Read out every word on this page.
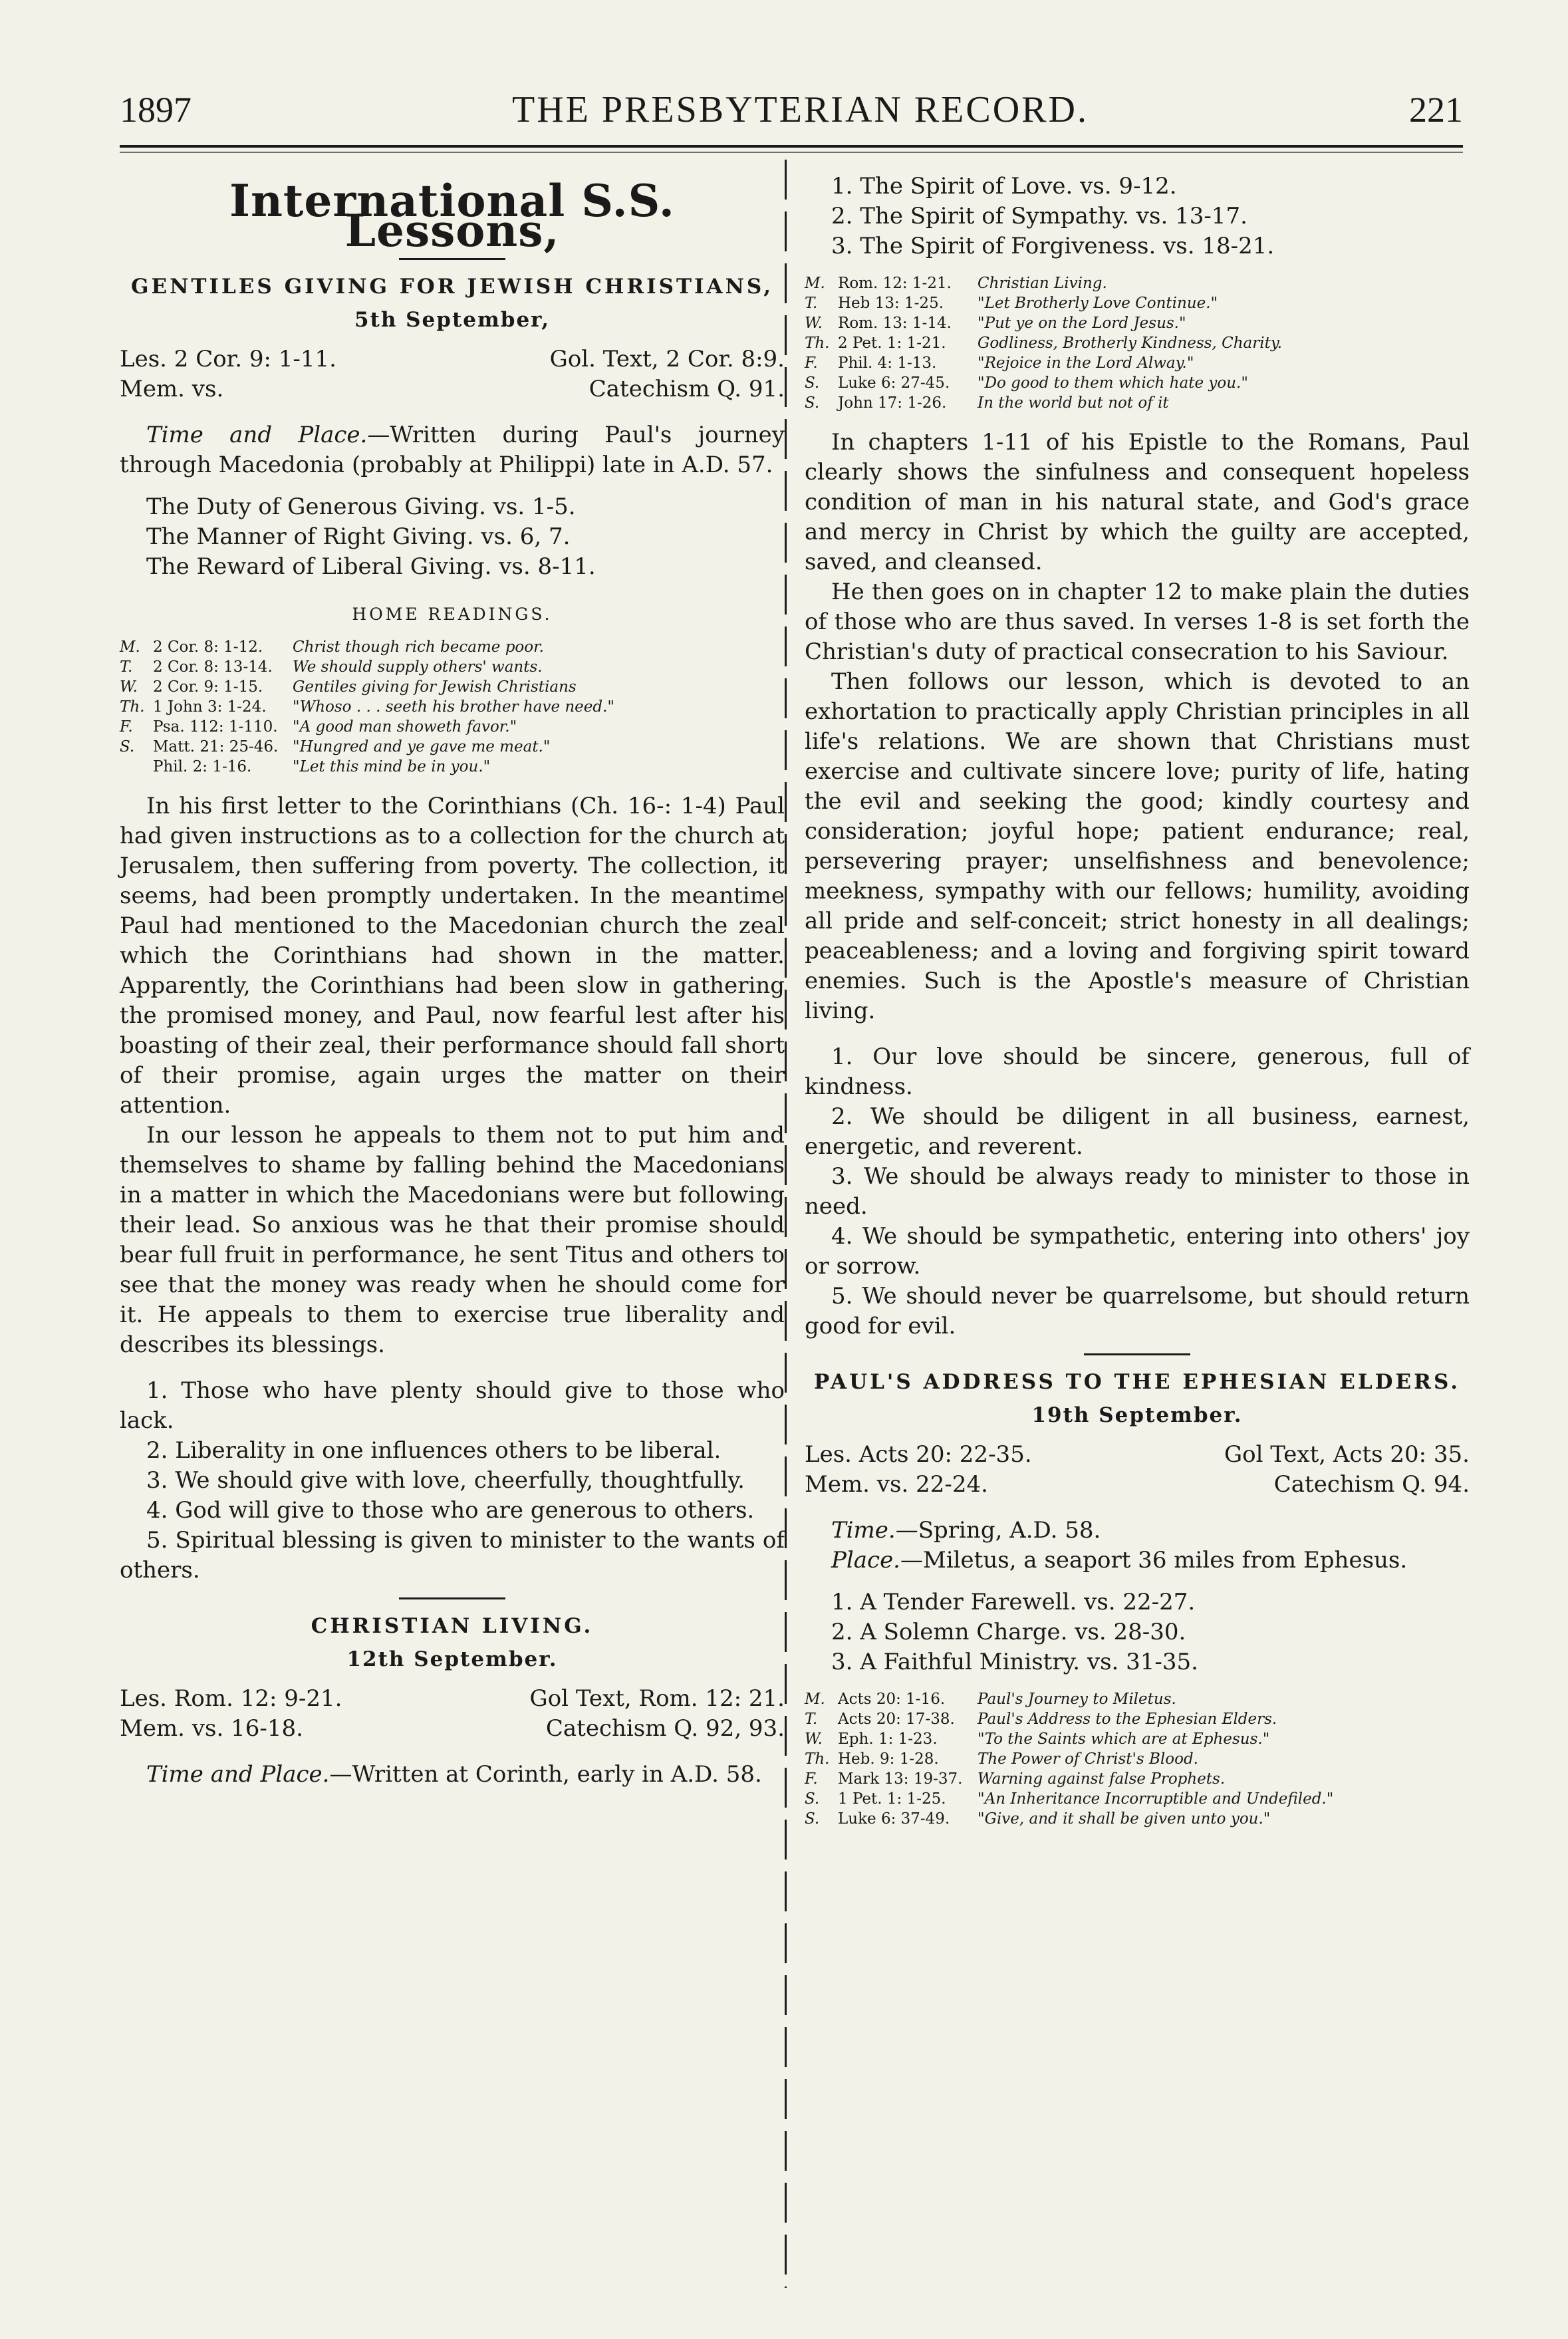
1897	THE PRESBYTERIAN RECORD.	221
International S.S. Lessons,
GENTILES GIVING FOR JEWISH CHRISTIANS,
5th September,
Les. 2 Cor. 9: 1-11.	Gol. Text, 2 Cor. 8:9.
Mem. vs.	Catechism Q. 91.

Time and Place.—Written during Paul's journey through Macedonia (probably at Philippi) late in A.D. 57.

The Duty of Generous Giving. vs. 1-5.
The Manner of Right Giving. vs. 6, 7.
The Reward of Liberal Giving. vs. 8-11.
HOME READINGS.
M. 2 Cor. 8: 1-12.	Christ though rich became poor.
T.	2 Cor. 8: 13-14.	We should supply others' wants.
W.	2 Cor. 9: 1-15.	Gentiles giving for Jewish Christians
Th. 1 John 3: 1-24.	"Whoso . . . seeth his brother have need."
F.	Psa. 112: 1-110. "A good man showeth favor."
S.	Matt. 21: 25-46. "Hungred and ye gave me meat."
Phil. 2: 1-16.	"Let this mind be in you."

In his first letter to the Corinthians (Ch. 16-: 1-4) Paul had given instructions as to a collection for the church at Jerusalem, then suffering from poverty. The collection, it seems, had been promptly undertaken. In the meantime Paul had mentioned to the Macedonian church the zeal which the Corinthians had shown in the matter. Apparently, the Corinthians had been slow in gathering the promised money, and Paul, now fearful lest after his boasting of their zeal, their performance should fall short of their promise, again urges the matter on their attention.

In our lesson he appeals to them not to put him and themselves to shame by falling behind the Macedonians in a matter in which the Macedonians were but following their lead. So anxious was he that their promise should bear full fruit in performance, he sent Titus and others to see that the money was ready when he should come for it. He appeals to them to exercise true liberality and describes its blessings.

1. Those who have plenty should give to those who lack.

2. Liberality in one influences others to be liberal.

3. We should give with love, cheerfully, thoughtfully.

4. God will give to those who are generous to others.

5. Spiritual blessing is given to minister to the wants of others.

CHRISTIAN LIVING.
12th September.
Les. Rom. 12: 9-21.	Gol Text, Rom. 12: 21.
Mem. vs. 16-18.	Catechism Q. 92, 93.

Time and Place.—Written at Corinth, early in A.D. 58.

1. The Spirit of Love. vs. 9-12.
2. The Spirit of Sympathy. vs. 13-17.
3. The Spirit of Forgiveness. vs. 18-21.
M. Rom. 12: 1-21.	Christian Living.
T.	Heb 13: 1-25.	"Let Brotherly Love Continue."
W.	Rom. 13: 1-14.	"Put ye on the Lord Jesus."
Th. 2 Pet. 1: 1-21.	Godliness, Brotherly Kindness, Charity.
F.	Phil. 4: 1-13.	"Rejoice in the Lord Alway."
S.	Luke 6: 27-45.	"Do good to them which hate you."
S.	John 17: 1-26.	In the world but not of it

In chapters 1-11 of his Epistle to the Romans, Paul clearly shows the sinfulness and consequent hopeless condition of man in his natural state, and God's grace and mercy in Christ by which the guilty are accepted, saved, and cleansed.

He then goes on in chapter 12 to make plain the duties of those who are thus saved. In verses 1-8 is set forth the Christian's duty of practical consecration to his Saviour.

Then follows our lesson, which is devoted to an exhortation to practically apply Christian principles in all life's relations. We are shown that Christians must exercise and cultivate sincere love; purity of life, hating the evil and seeking the good; kindly courtesy and consideration; joyful hope; patient endurance; real, persevering prayer; unselfishness and benevolence; meekness, sympathy with our fellows; humility, avoiding all pride and self-conceit; strict honesty in all dealings; peaceableness; and a loving and forgiving spirit toward enemies. Such is the Apostle's measure of Christian living.

1. Our love should be sincere, generous, full of kindness.

2. We should be diligent in all business, earnest, energetic, and reverent.

3. We should be always ready to minister to those in need.

4. We should be sympathetic, entering into others' joy or sorrow.

5. We should never be quarrelsome, but should return good for evil.

PAUL'S ADDRESS TO THE EPHESIAN ELDERS.
19th September.
Les. Acts 20: 22-35.	Gol Text, Acts 20: 35.
Mem. vs. 22-24.	Catechism Q. 94.

Time.—Spring, A.D. 58.

Place.—Miletus, a seaport 36 miles from Ephesus.

1. A Tender Farewell. vs. 22-27.
2. A Solemn Charge. vs. 28-30.
3. A Faithful Ministry. vs. 31-35.
M. Acts 20: 1-16.	Paul's Journey to Miletus.
T.	Acts 20: 17-38.	Paul's Address to the Ephesian Elders.
W.	Eph. 1: 1-23.	"To the Saints which are at Ephesus."
Th. Heb. 9: 1-28.	The Power of Christ's Blood.
F.	Mark 13: 19-37. Warning against false Prophets.
S.	1 Pet. 1: 1-25.	"An Inheritance Incorruptible and Undefiled."
S.	Luke 6: 37-49.	"Give, and it shall be given unto you."
